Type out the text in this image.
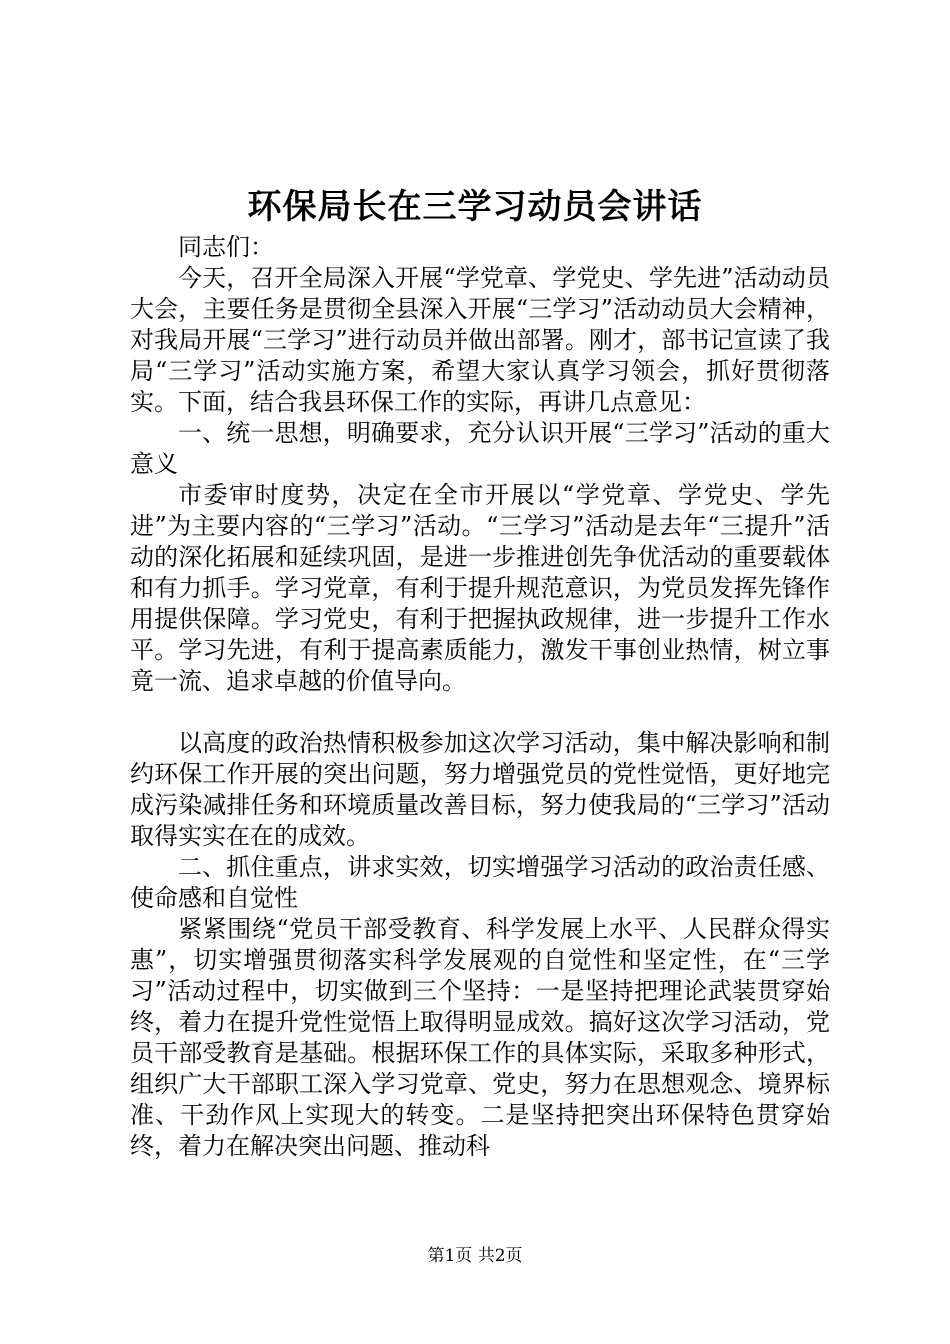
环保局长在三学习动员会讲话

同志们：

今天，召开全局深入开展“学党章、学党史、学先进”活动动员大会，主要任务是贯彻全县深入开展“三学习”活动动员大会精神，对我局开展“三学习”进行动员并做出部署。刚才，部书记宣读了我局“三学习”活动实施方案，希望大家认真学习领会，抓好贯彻落实。下面，结合我县环保工作的实际，再讲几点意见：

一、统一思想，明确要求，充分认识开展“三学习”活动的重大意义

市委审时度势，决定在全市开展以“学党章、学党史、学先进”为主要内容的“三学习”活动。“三学习”活动是去年“三提升”活动的深化拓展和延续巩固，是进一步推进创先争优活动的重要载体和有力抓手。学习党章，有利于提升规范意识，为党员发挥先锋作用提供保障。学习党史，有利于把握执政规律，进一步提升工作水平。学习先进，有利于提高素质能力，激发干事创业热情，树立事竟一流、追求卓越的价值导向。

以高度的政治热情积极参加这次学习活动，集中解决影响和制约环保工作开展的突出问题，努力增强党员的党性觉悟，更好地完成污染减排任务和环境质量改善目标，努力使我局的“三学习”活动取得实实在在的成效。

二、抓住重点，讲求实效，切实增强学习活动的政治责任感、使命感和自觉性

紧紧围绕“党员干部受教育、科学发展上水平、人民群众得实惠”，切实增强贯彻落实科学发展观的自觉性和坚定性，在“三学习”活动过程中，切实做到三个坚持：一是坚持把理论武装贯穿始终，着力在提升党性觉悟上取得明显成效。搞好这次学习活动，党员干部受教育是基础。根据环保工作的具体实际，采取多种形式，组织广大干部职工深入学习党章、党史，努力在思想观念、境界标准、干劲作风上实现大的转变。二是坚持把突出环保特色贯穿始终，着力在解决突出问题、推动科

第1页 共2页
